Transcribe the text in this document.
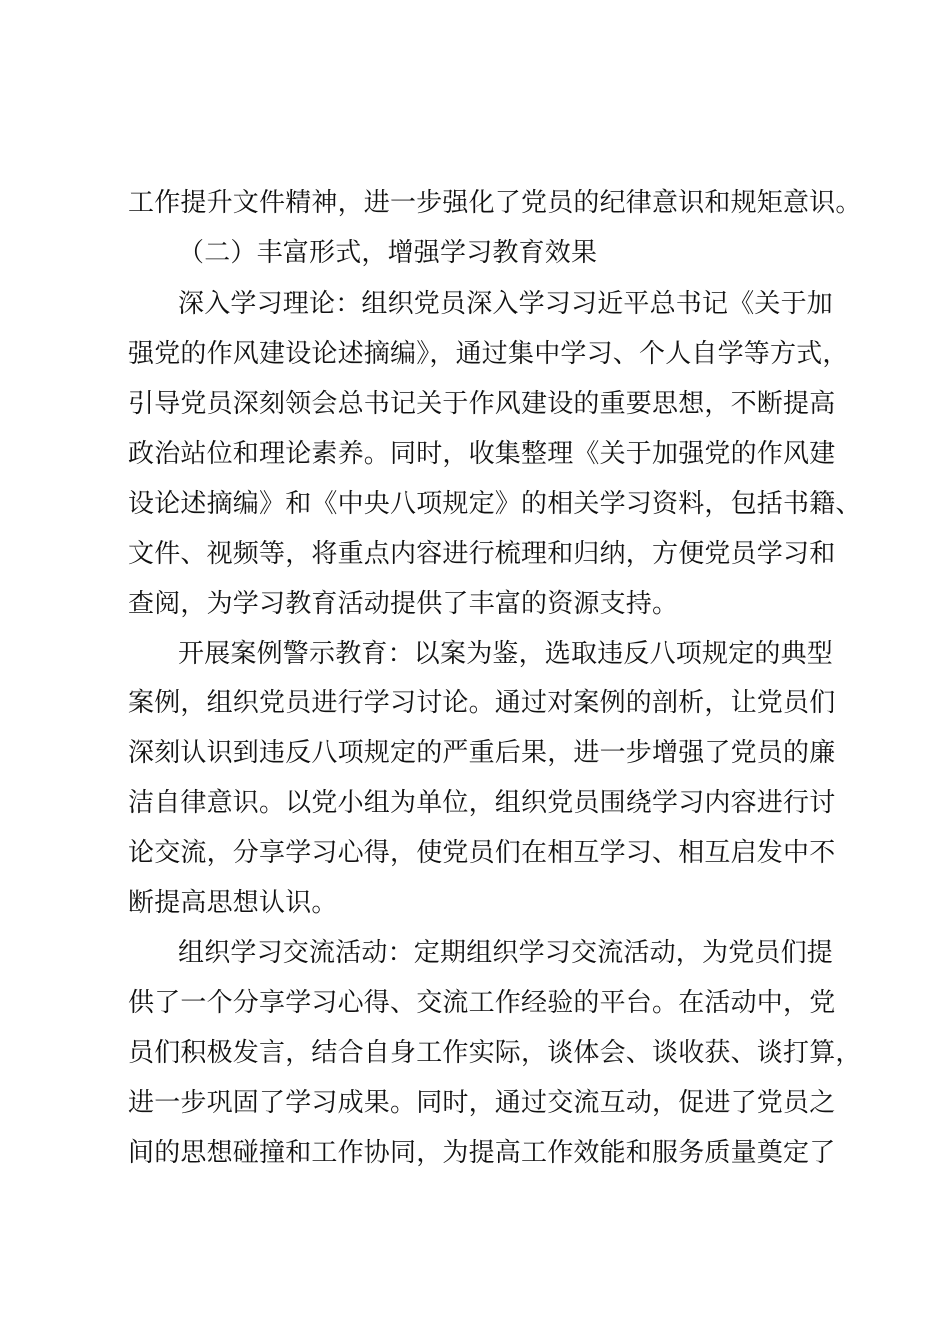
工作提升文件精神，进一步强化了党员的纪律意识和规矩意识。
（二）丰富形式，增强学习教育效果
深入学习理论：组织党员深入学习习近平总书记《关于加
强党的作风建设论述摘编》，通过集中学习、个人自学等方式，
引导党员深刻领会总书记关于作风建设的重要思想，不断提高
政治站位和理论素养。同时，收集整理《关于加强党的作风建
设论述摘编》和《中央八项规定》的相关学习资料，包括书籍、
文件、视频等，将重点内容进行梳理和归纳，方便党员学习和
查阅，为学习教育活动提供了丰富的资源支持。
开展案例警示教育：以案为鉴，选取违反八项规定的典型
案例，组织党员进行学习讨论。通过对案例的剖析，让党员们
深刻认识到违反八项规定的严重后果，进一步增强了党员的廉
洁自律意识。以党小组为单位，组织党员围绕学习内容进行讨
论交流，分享学习心得，使党员们在相互学习、相互启发中不
断提高思想认识。
组织学习交流活动：定期组织学习交流活动，为党员们提
供了一个分享学习心得、交流工作经验的平台。在活动中，党
员们积极发言，结合自身工作实际，谈体会、谈收获、谈打算，
进一步巩固了学习成果。同时，通过交流互动，促进了党员之
间的思想碰撞和工作协同，为提高工作效能和服务质量奠定了
